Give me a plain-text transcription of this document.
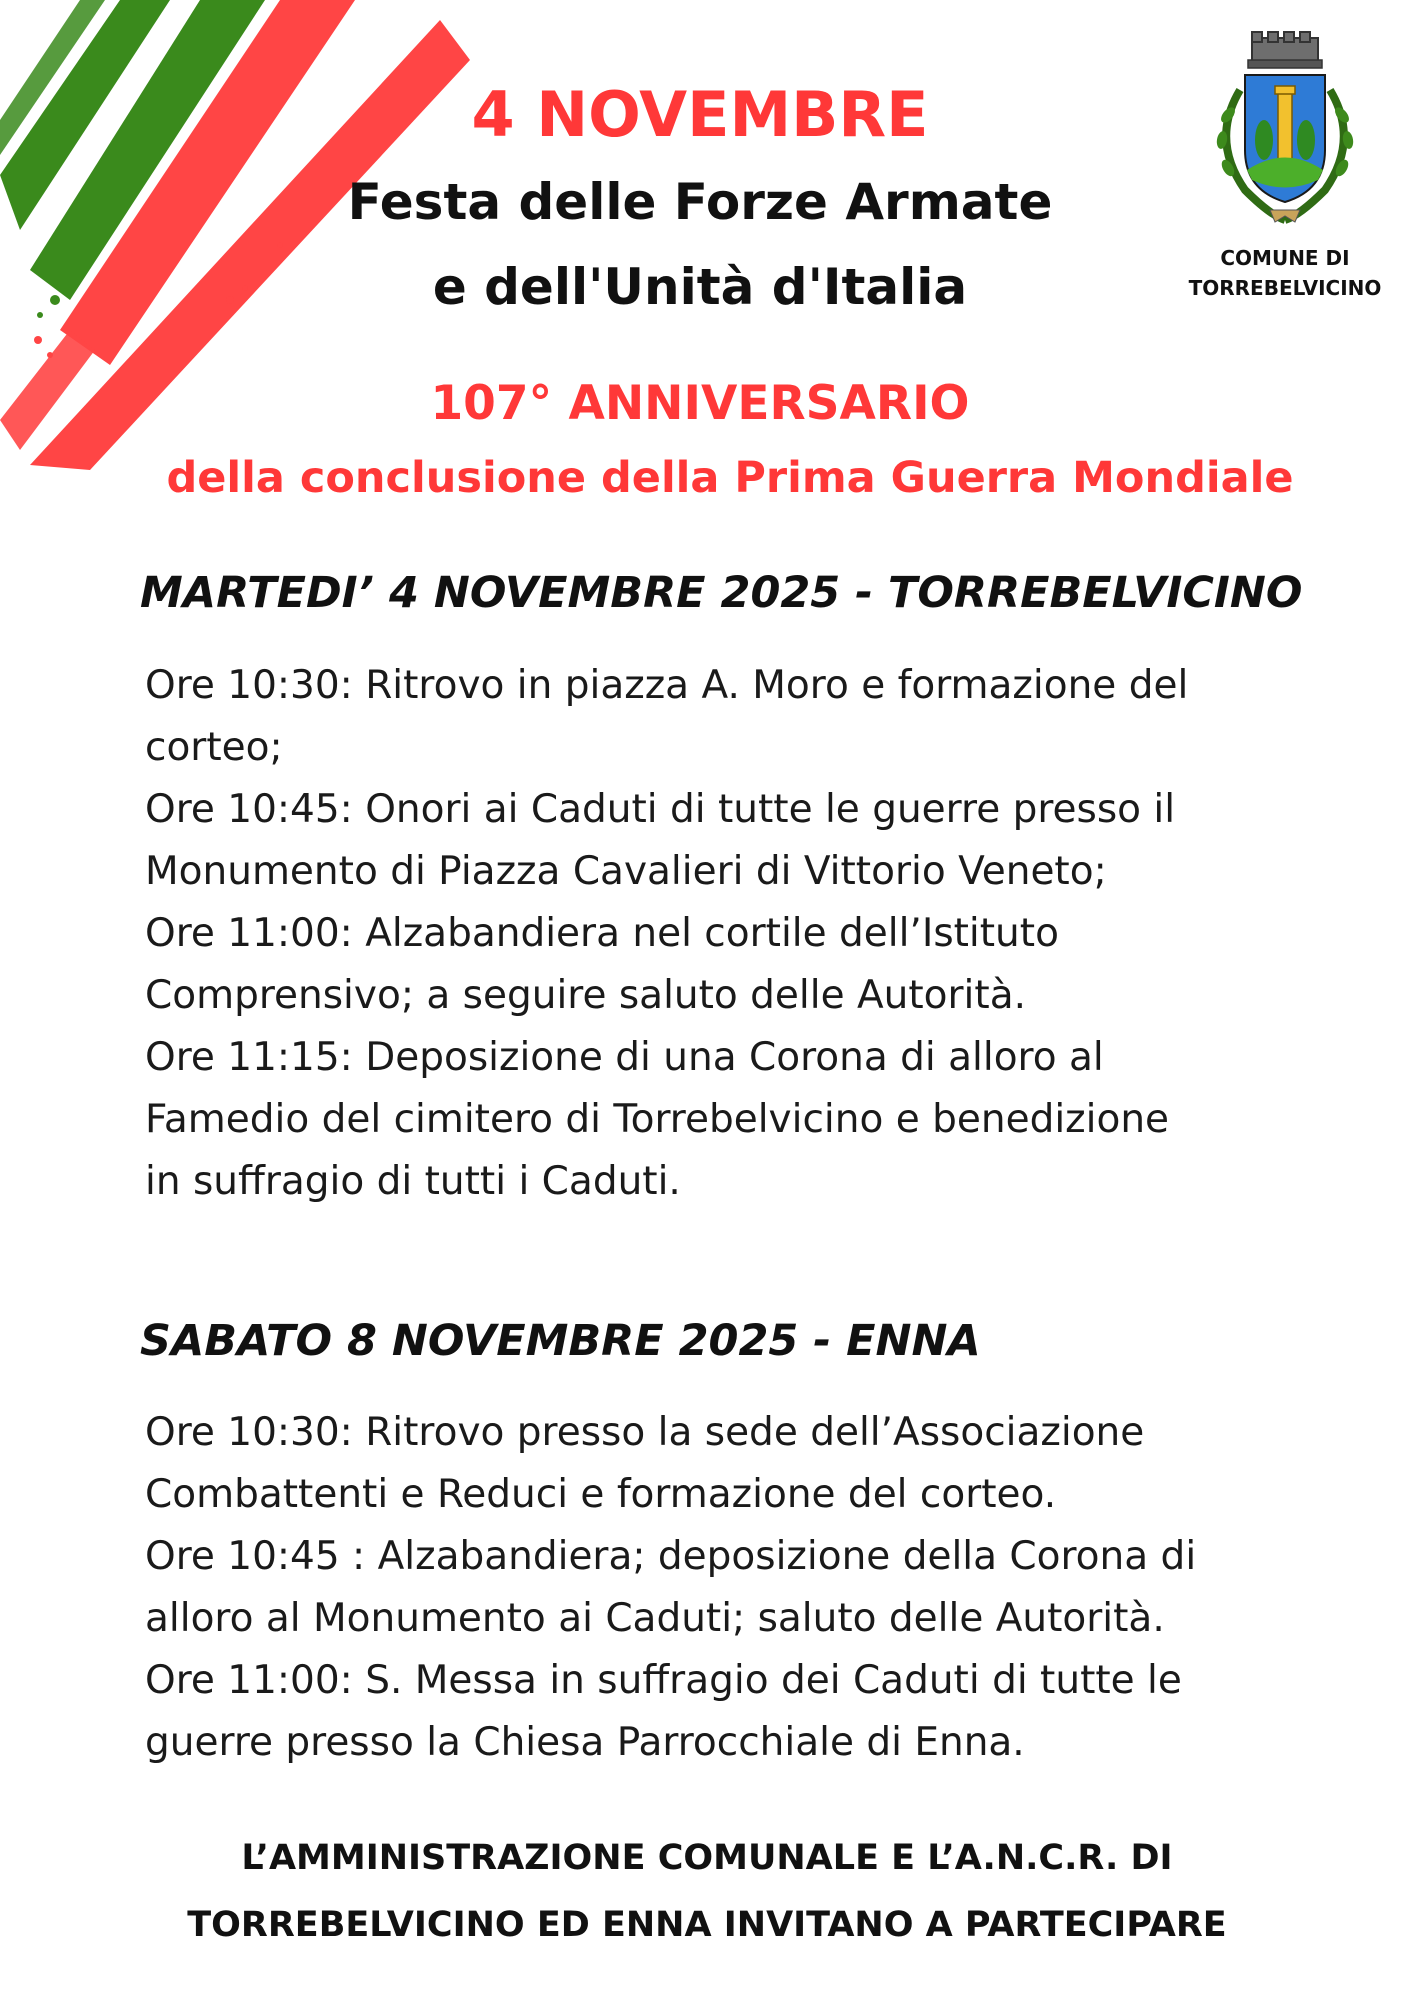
4 NOVEMBRE
Festa delle Forze Armate
e dell'Unità d'Italia
107° ANNIVERSARIO
della conclusione della Prima Guerra Mondiale
COMUNE DI
TORREBELVICINO
MARTEDI’ 4 NOVEMBRE 2025 - TORREBELVICINO
Ore 10:30: Ritrovo in piazza A. Moro e formazione del
corteo;
Ore 10:45: Onori ai Caduti di tutte le guerre presso il
Monumento di Piazza Cavalieri di Vittorio Veneto;
Ore 11:00: Alzabandiera nel cortile dell’Istituto
Comprensivo; a seguire saluto delle Autorità.
Ore 11:15: Deposizione di una Corona di alloro al
Famedio del cimitero di Torrebelvicino e benedizione
in suffragio di tutti i Caduti.
SABATO 8 NOVEMBRE 2025 - ENNA
Ore 10:30: Ritrovo presso la sede dell’Associazione
Combattenti e Reduci e formazione del corteo.
Ore 10:45 : Alzabandiera; deposizione della Corona di
alloro al Monumento ai Caduti; saluto delle Autorità.
Ore 11:00: S. Messa in suffragio dei Caduti di tutte le
guerre presso la Chiesa Parrocchiale di Enna.
L’AMMINISTRAZIONE COMUNALE E L’A.N.C.R. DI
TORREBELVICINO ED ENNA INVITANO A PARTECIPARE
